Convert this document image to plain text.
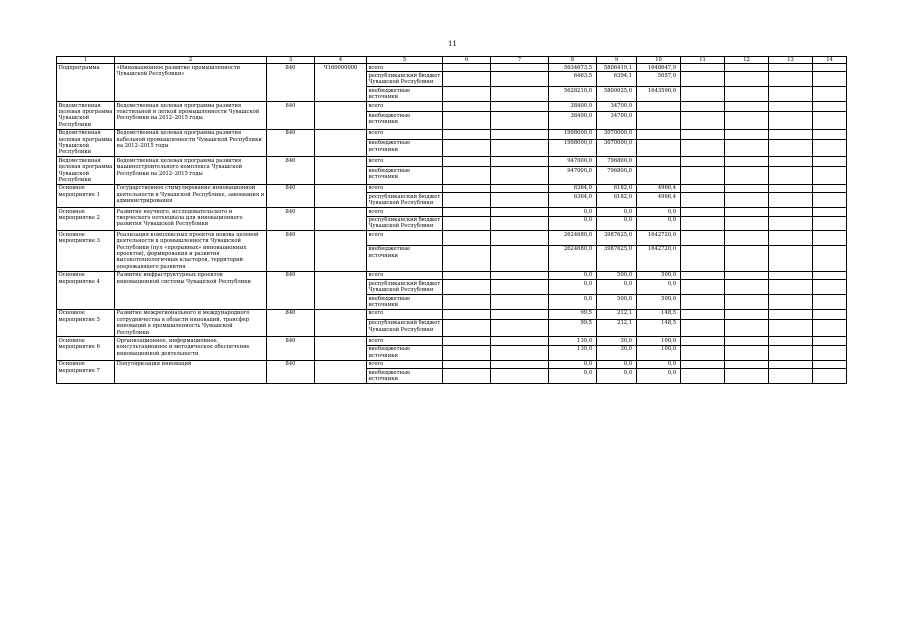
11
1	2	3	4	5	6	7	8	9	10	11	12	13	14
Подпрограмма	«Инновационное развитие промышленности Чувашской Республики»	840	Ч160000000	всего			5634673,5	5806419,1	1648647,9				
				республиканский бюджет Чувашской Республики			6463,5	6394,1	5057,0				
				внебюджетные источники			5628210,0	5800025,0	1643590,0				
Ведомственная целевая программа Чувашской Республики	Ведомственная целевая программа развития текстильной и легкой промышленности Чувашской Республики на 2012–2015 годы	840		всего			38400,0	34700,0					
				внебюджетные источники			38400,0	34700,0					
Ведомственная целевая программа Чувашской Республики	Ведомственная целевая программа развития кабельной промышленности Чувашской Республики на 2012–2015 годы	840		всего			1998000,0	3070000,0					
				внебюджетные источники			1998000,0	3070000,0					
Ведомственная целевая программа Чувашской Республики	Ведомственная целевая программа развития машиностроительного комплекса Чувашской Республики на 2012–2015 годы	840		всего			947000,0	796800,0					
				внебюджетные источники			947000,0	796800,0					
Основное мероприятие 1	Государственное стимулирование инновационной деятельности в Чувашской Республике, завоевания и администрирования	840		всего			6364,0	6182,0	4966,4				
				республиканский бюджет Чувашской Республики			6364,0	6182,0	4966,4				
Основное мероприятие 2	Развитие научного, исследовательского и творческого потенциала для инновационного развития Чувашской Республики	840		всего			0,0	0,0	0,0				
				республиканский бюджет Чувашской Республики			0,0	0,0	0,0				
Основное мероприятие 3	Реализация комплексных проектов новова целевой деятельности в промышленности Чувашской Республики (пул «прорывных» инновационных проектов), формирования и развития высокотехнологичных кластеров, территорий опережающего развития	840		всего			2624680,0	3987625,0	1642720,0				
				внебюджетные источники			2624680,0	3987625,0	1642720,0				
Основное мероприятие 4	Развитие инфраструктурных проектов инновационной системы Чувашской Республики	840		всего			0,0	500,0	500,0				
				республиканский бюджет Чувашской Республики			0,0	0,0	0,0				
				внебюджетные источники			0,0	500,0	500,0				
Основное мероприятие 5	Развитие межрегионального и международного сотрудничества в области инноваций, трансфер инноваций в промышленность Чувашской Республики	840		всего			99,5	212,1	148,5				
				республиканский бюджет Чувашской Республики			99,5	212,1	148,5				
Основное мероприятие 6	Организационное, информационное, консультационное и методическое обеспечение инновационной деятельности	840		всего			130,0	30,0	100,0				
				внебюджетные источники			130,0	30,0	100,0				
Основное мероприятие 7	Популяризация инноваций	840		всего			0,0	0,0	0,0				
				внебюджетные источники			0,0	0,0	0,0				
